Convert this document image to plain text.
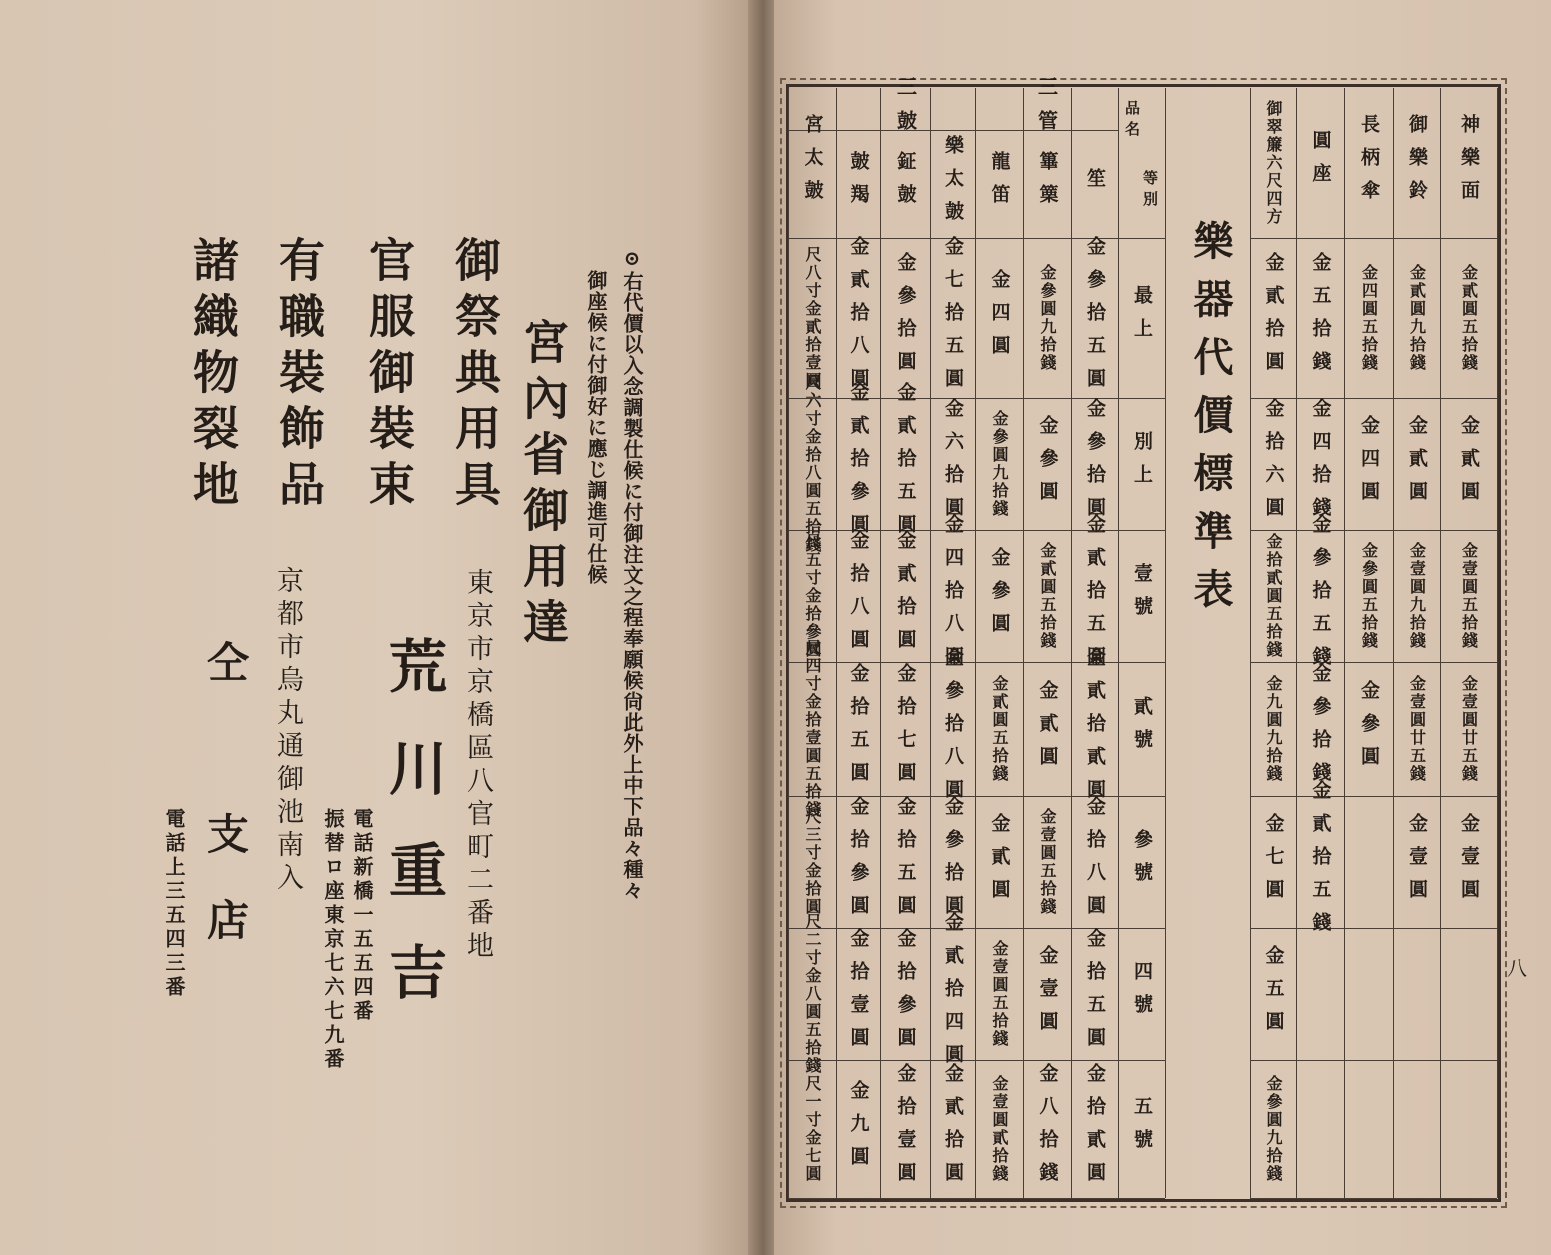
⊙右代價以入念調製仕候に付御注文之程奉願候尙此外上中下品々種々
御座候に付御好に應じ調進可仕候
宮內省御用達
御祭典用具
東京市京橋區八官町二番地
官服御裝束
荒川重吉
電話新橋一五五四番
振替ロ座東京七六七九番
有職裝飾品
京都市烏丸通御池南入
諸織物裂地
仝　支店
電話上三五四三番
三管
三皷
最上
別上
壹號
貳號
參號
四號
五號
神樂面
金貳圓五拾錢
金貳圓
金壹圓五拾錢
金壹圓廿五錢
金壹圓
御樂鈴
金貳圓九拾錢
金貳圓
金壹圓九拾錢
金壹圓廿五錢
金壹圓
長柄傘
金四圓五拾錢
金四圓
金參圓五拾錢
金參圓
圓座
金五拾錢
金四拾錢
金參拾五錢
金參拾錢
金貳拾五錢
御翠簾六尺四方
金貳拾圓
金拾六圓
金拾貳圓五拾錢
金九圓九拾錢
金七圓
金五圓
金參圓九拾錢
笙
金參拾五圓
金參拾圓
金貳拾五圓
金貳拾貳圓
金拾八圓
金拾五圓
金拾貳圓
篳篥
金參圓九拾錢
金參圓
金貳圓五拾錢
金貳圓
金壹圓五拾錢
金壹圓
金八拾錢
龍笛
金四圓
金參圓九拾錢
金參圓
金貳圓五拾錢
金貳圓
金壹圓五拾錢
金壹圓貳拾錢
樂太皷
金七拾五圓
金六拾圓
金四拾八圓
金參拾八圓
金參拾圓
金貳拾四圓
金貳拾圓
鉦皷
金參拾圓
金貳拾五圓
金貳拾圓
金拾七圓
金拾五圓
金拾參圓
金拾壹圓
皷羯
金貳拾八圓
金貳拾參圓
金拾八圓
金拾五圓
金拾參圓
金拾壹圓
金九圓
宮太皷
尺八寸金貳拾壹圓
尺六寸金拾八圓五拾錢
尺五寸金拾參圓
尺四寸金拾壹圓五拾錢
尺三寸金拾圓
尺二寸金八圓五拾錢
尺一寸金七圓
樂器代價標準表
品名
等別
八
